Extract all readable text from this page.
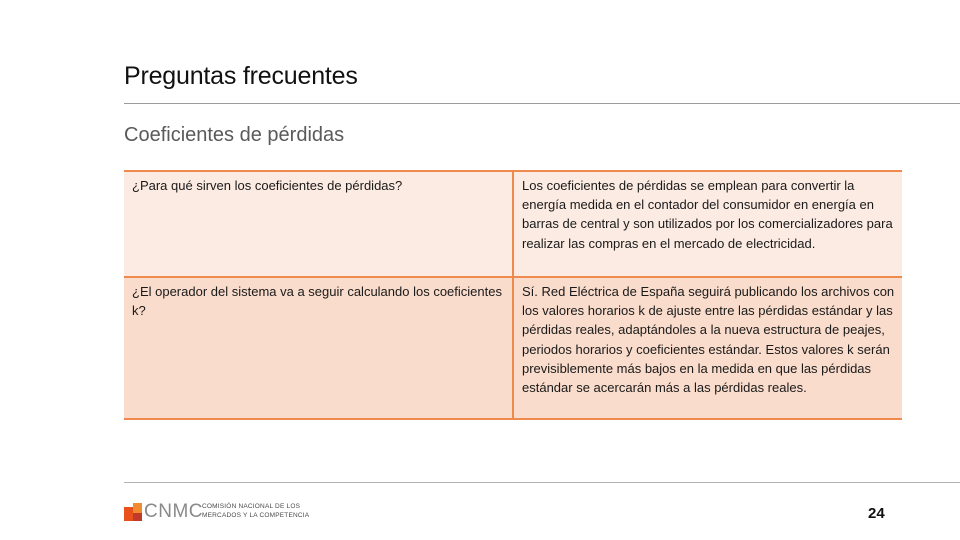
Preguntas frecuentes
Coeficientes de pérdidas
¿Para qué sirven los coeficientes de pérdidas?	Los coeficientes de pérdidas se emplean para convertir la energía medida en el contador del consumidor en energía en barras de central y son utilizados por los comercializadores para realizar las compras en el mercado de electricidad.
¿El operador del sistema va a seguir calculando los coeficientes k?	Sí. Red Eléctrica de España seguirá publicando los archivos con los valores horarios k de ajuste entre las pérdidas estándar y las pérdidas reales, adaptándoles a la nueva estructura de peajes, periodos horarios y coeficientes estándar. Estos valores k serán previsiblemente más bajos en la medida en que las pérdidas estándar se acercarán más a las pérdidas reales.
CNMC COMISIÓN NACIONAL DE LOS
MERCADOS Y LA COMPETENCIA	24
